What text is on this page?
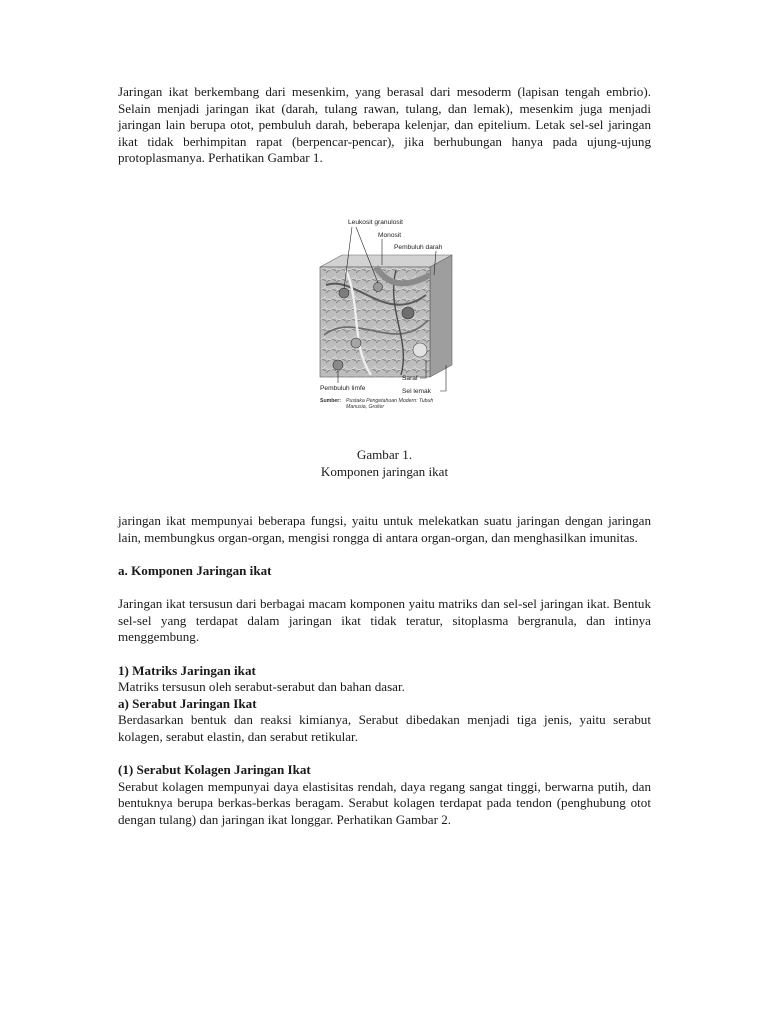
Jaringan ikat berkembang dari mesenkim, yang berasal dari mesoderm (lapisan tengah embrio). Selain menjadi jaringan ikat (darah, tulang rawan, tulang, dan lemak), mesenkim juga menjadi jaringan lain berupa otot, pembuluh darah, beberapa kelenjar, dan epitelium. Letak sel-sel jaringan ikat tidak berhimpitan rapat (berpencar-pencar), jika berhubungan hanya pada ujung-ujung protoplasmanya. Perhatikan Gambar 1.

Leukosit granulosit
Monosit
Pembuluh darah
Pembuluh limfe
Saraf
Sel lemak
Sumber: Pustaka Pengetahuan Modern: Tubuh
Manusia, Grolier

Gambar 1.

Komponen jaringan ikat

jaringan ikat mempunyai beberapa fungsi, yaitu untuk melekatkan suatu jaringan dengan jaringan lain, membungkus organ-organ, mengisi rongga di antara organ-organ, dan menghasilkan imunitas.

a. Komponen Jaringan ikat

Jaringan ikat tersusun dari berbagai macam komponen yaitu matriks dan sel-sel jaringan ikat. Bentuk sel-sel yang terdapat dalam jaringan ikat tidak teratur, sitoplasma bergranula, dan intinya menggembung.

1) Matriks Jaringan ikat

Matriks tersusun oleh serabut-serabut dan bahan dasar.

a) Serabut Jaringan Ikat

Berdasarkan bentuk dan reaksi kimianya, Serabut dibedakan menjadi tiga jenis, yaitu serabut kolagen, serabut elastin, dan serabut retikular.

(1) Serabut Kolagen Jaringan Ikat

Serabut kolagen mempunyai daya elastisitas rendah, daya regang sangat tinggi, berwarna putih, dan bentuknya berupa berkas-berkas beragam. Serabut kolagen terdapat pada tendon (penghubung otot dengan tulang) dan jaringan ikat longgar. Perhatikan Gambar 2.
